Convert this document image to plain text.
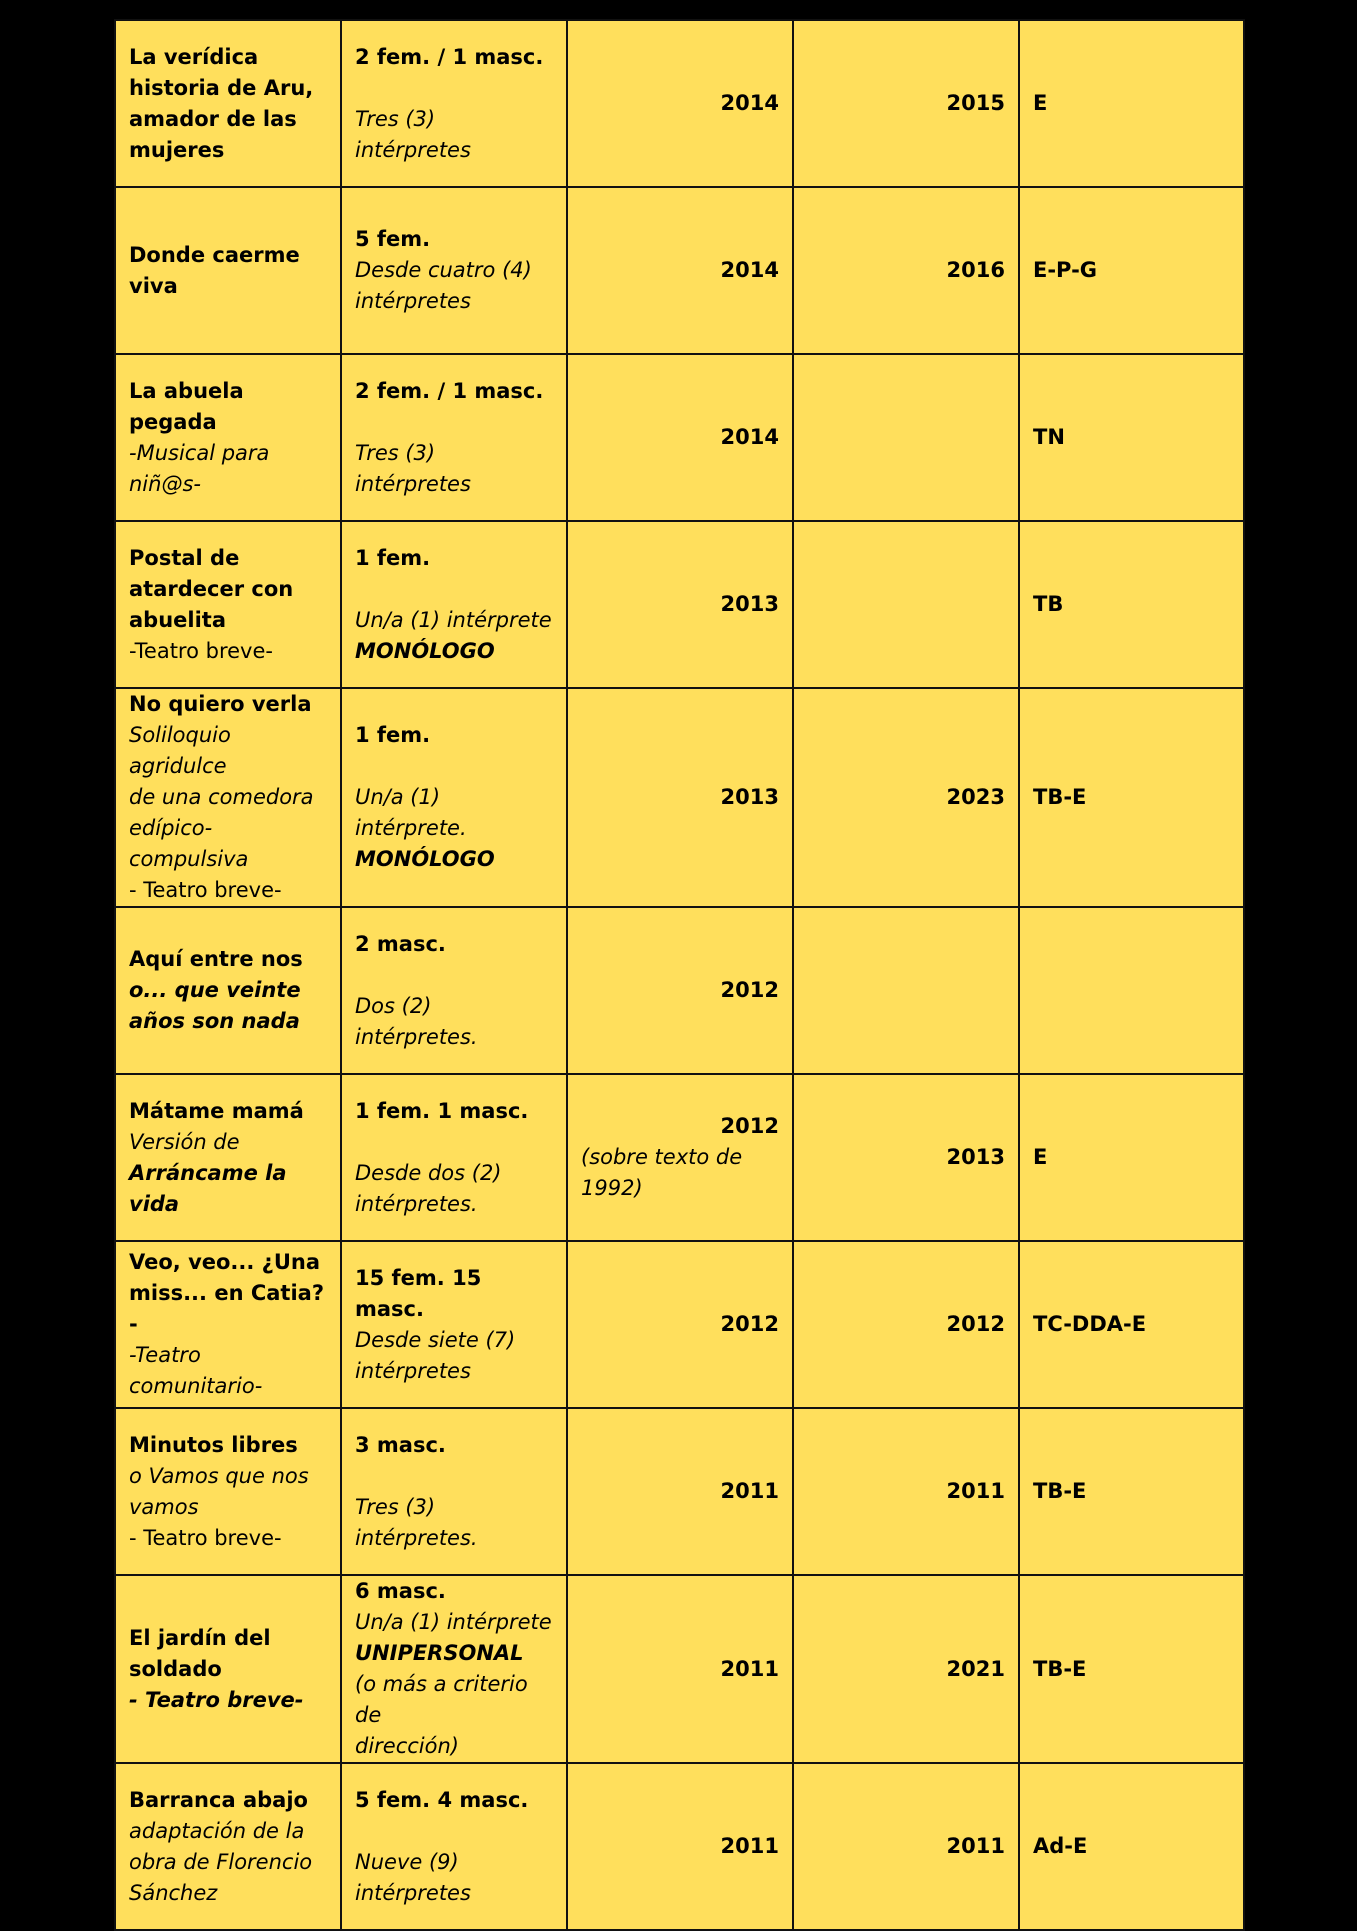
La verídica
historia de Aru,
amador de las
mujeres	2 fem. / 1 masc.
Tres (3) intérpretes	2014	2015	E

Donde caerme
viva	5 fem.
Desde cuatro (4)
intérpretes	2014	2016	E-P-G

La abuela
pegada
-Musical para
niñ@s-	2 fem. / 1 masc.
Tres (3) intérpretes	2014		TN

Postal de
atardecer con
abuelita
-Teatro breve-	1 fem.
Un/a (1) intérprete
MONÓLOGO	2013		TB

No quiero verla
Soliloquio agridulce
de una comedora
edípico-compulsiva
- Teatro breve-	1 fem.
Un/a (1) intérprete.
MONÓLOGO	2013	2023	TB-E

Aquí entre nos
o... que veinte
años son nada	2 masc.
Dos (2) intérpretes.	2012		

Mátame mamá
Versión de
Arráncame la vida	1 fem. 1 masc.
Desde dos (2)
intérpretes.	2012
(sobre texto de
1992)	2013	E

Veo, veo... ¿Una
miss... en Catia? -
-Teatro
comunitario-	15 fem. 15 masc.
Desde siete (7)
intérpretes	2012	2012	TC-DDA-E

Minutos libres
o Vamos que nos
vamos
- Teatro breve-	3 masc.
Tres (3) intérpretes.	2011	2011	TB-E

El jardín del
soldado
- Teatro breve-	6 masc.
Un/a (1) intérprete
UNIPERSONAL
(o más a criterio de
dirección)	2011	2021	TB-E

Barranca abajo
adaptación de la
obra de Florencio
Sánchez	5 fem. 4 masc.
Nueve (9)
intérpretes	2011	2011	Ad-E
